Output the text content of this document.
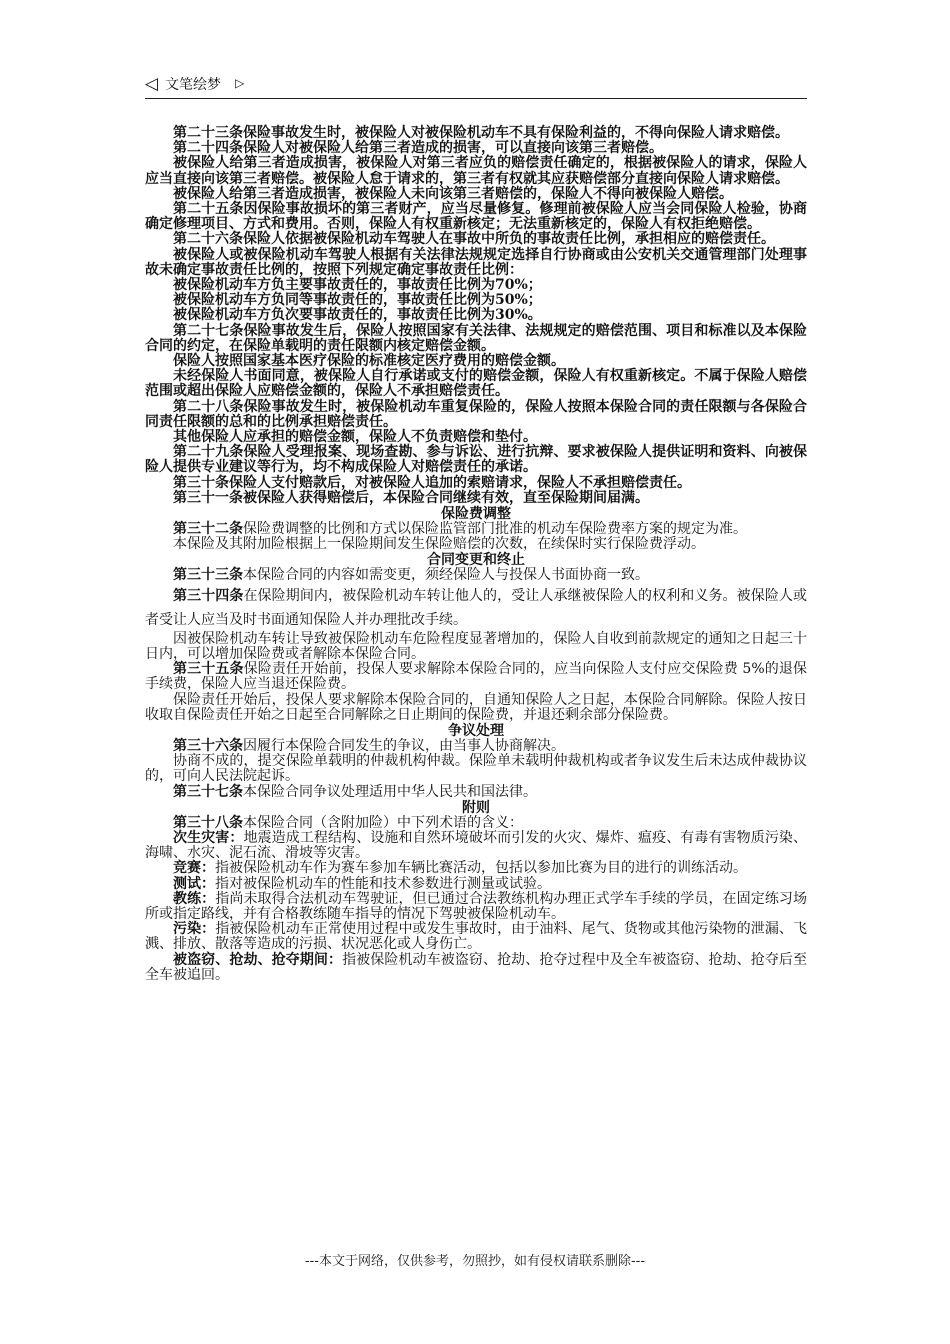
◁ 文笔绘梦 ▷

第二十三条保险事故发生时，被保险人对被保险机动车不具有保险利益的，不得向保险人请求赔偿。

第二十四条保险人对被保险人给第三者造成的损害，可以直接向该第三者赔偿。

被保险人给第三者造成损害，被保险人对第三者应负的赔偿责任确定的，根据被保险人的请求，保险人应当直接向该第三者赔偿。被保险人怠于请求的，第三者有权就其应获赔偿部分直接向保险人请求赔偿。

被保险人给第三者造成损害，被保险人未向该第三者赔偿的，保险人不得向被保险人赔偿。

第二十五条因保险事故损坏的第三者财产，应当尽量修复。修理前被保险人应当会同保险人检验，协商确定修理项目、方式和费用。否则，保险人有权重新核定；无法重新核定的，保险人有权拒绝赔偿。

第二十六条保险人依据被保险机动车驾驶人在事故中所负的事故责任比例，承担相应的赔偿责任。

被保险人或被保险机动车驾驶人根据有关法律法规规定选择自行协商或由公安机关交通管理部门处理事故未确定事故责任比例的，按照下列规定确定事故责任比例：

被保险机动车方负主要事故责任的，事故责任比例为70%；

被保险机动车方负同等事故责任的，事故责任比例为50%；

被保险机动车方负次要事故责任的，事故责任比例为30%。

第二十七条保险事故发生后，保险人按照国家有关法律、法规规定的赔偿范围、项目和标准以及本保险合同的约定，在保险单载明的责任限额内核定赔偿金额。

保险人按照国家基本医疗保险的标准核定医疗费用的赔偿金额。

未经保险人书面同意，被保险人自行承诺或支付的赔偿金额，保险人有权重新核定。不属于保险人赔偿范围或超出保险人应赔偿金额的，保险人不承担赔偿责任。

第二十八条保险事故发生时，被保险机动车重复保险的，保险人按照本保险合同的责任限额与各保险合同责任限额的总和的比例承担赔偿责任。

其他保险人应承担的赔偿金额，保险人不负责赔偿和垫付。

第二十九条保险人受理报案、现场查勘、参与诉讼、进行抗辩、要求被保险人提供证明和资料、向被保险人提供专业建议等行为，均不构成保险人对赔偿责任的承诺。

第三十条保险人支付赔款后，对被保险人追加的索赔请求，保险人不承担赔偿责任。

第三十一条被保险人获得赔偿后，本保险合同继续有效，直至保险期间届满。

保险费调整

第三十二条保险费调整的比例和方式以保险监管部门批准的机动车保险费率方案的规定为准。

本保险及其附加险根据上一保险期间发生保险赔偿的次数，在续保时实行保险费浮动。

合同变更和终止

第三十三条本保险合同的内容如需变更，须经保险人与投保人书面协商一致。

第三十四条在保险期间内，被保险机动车转让他人的，受让人承继被保险人的权利和义务。被保险人或者受让人应当及时书面通知保险人并办理批改手续。

因被保险机动车转让导致被保险机动车危险程度显著增加的，保险人自收到前款规定的通知之日起三十日内，可以增加保险费或者解除本保险合同。

第三十五条保险责任开始前，投保人要求解除本保险合同的，应当向保险人支付应交保险费 5%的退保手续费，保险人应当退还保险费。

保险责任开始后，投保人要求解除本保险合同的，自通知保险人之日起，本保险合同解除。保险人按日收取自保险责任开始之日起至合同解除之日止期间的保险费，并退还剩余部分保险费。

争议处理

第三十六条因履行本保险合同发生的争议，由当事人协商解决。

协商不成的，提交保险单载明的仲裁机构仲裁。保险单未载明仲裁机构或者争议发生后未达成仲裁协议的，可向人民法院起诉。

第三十七条本保险合同争议处理适用中华人民共和国法律。

附则

第三十八条本保险合同（含附加险）中下列术语的含义：

次生灾害：地震造成工程结构、设施和自然环境破坏而引发的火灾、爆炸、瘟疫、有毒有害物质污染、海啸、水灾、泥石流、滑坡等灾害。

竞赛：指被保险机动车作为赛车参加车辆比赛活动，包括以参加比赛为目的进行的训练活动。

测试：指对被保险机动车的性能和技术参数进行测量或试验。

教练：指尚未取得合法机动车驾驶证，但已通过合法教练机构办理正式学车手续的学员，在固定练习场所或指定路线，并有合格教练随车指导的情况下驾驶被保险机动车。

污染：指被保险机动车正常使用过程中或发生事故时，由于油料、尾气、货物或其他污染物的泄漏、飞溅、排放、散落等造成的污损、状况恶化或人身伤亡。

被盗窃、抢劫、抢夺期间：指被保险机动车被盗窃、抢劫、抢夺过程中及全车被盗窃、抢劫、抢夺后至全车被追回。

---本文于网络，仅供参考，勿照抄，如有侵权请联系删除---
